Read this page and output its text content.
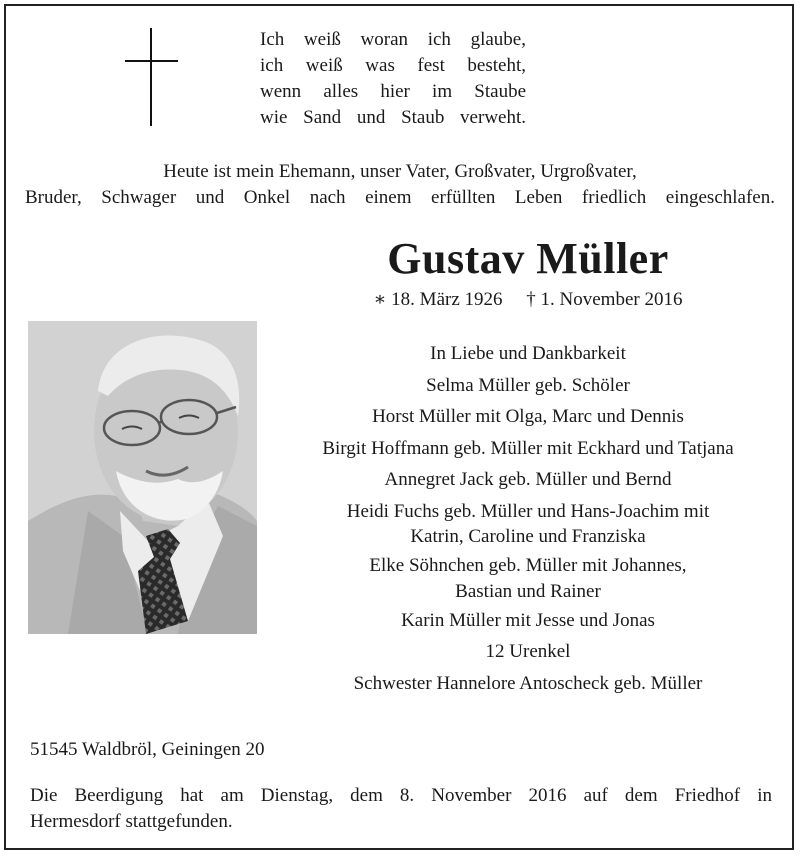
Ich weiß woran ich glaube,
ich weiß was fest besteht,
wenn alles hier im Staube
wie Sand und Staub verweht.
Heute ist mein Ehemann, unser Vater, Großvater, Urgroßvater,
Bruder, Schwager und Onkel nach einem erfüllten Leben friedlich eingeschlafen.
Gustav Müller
∗ 18. März 1926     † 1. November 2016
In Liebe und Dankbarkeit
Selma Müller geb. Schöler
Horst Müller mit Olga, Marc und Dennis
Birgit Hoffmann geb. Müller mit Eckhard und Tatjana
Annegret Jack geb. Müller und Bernd
Heidi Fuchs geb. Müller und Hans-Joachim mit
Katrin, Caroline und Franziska
Elke Söhnchen geb. Müller mit Johannes,
Bastian und Rainer
Karin Müller mit Jesse und Jonas
12 Urenkel
Schwester Hannelore Antoscheck geb. Müller
51545 Waldbröl, Geiningen 20
Die Beerdigung hat am Dienstag, dem 8. November 2016 auf dem Friedhof in
Hermesdorf stattgefunden.
